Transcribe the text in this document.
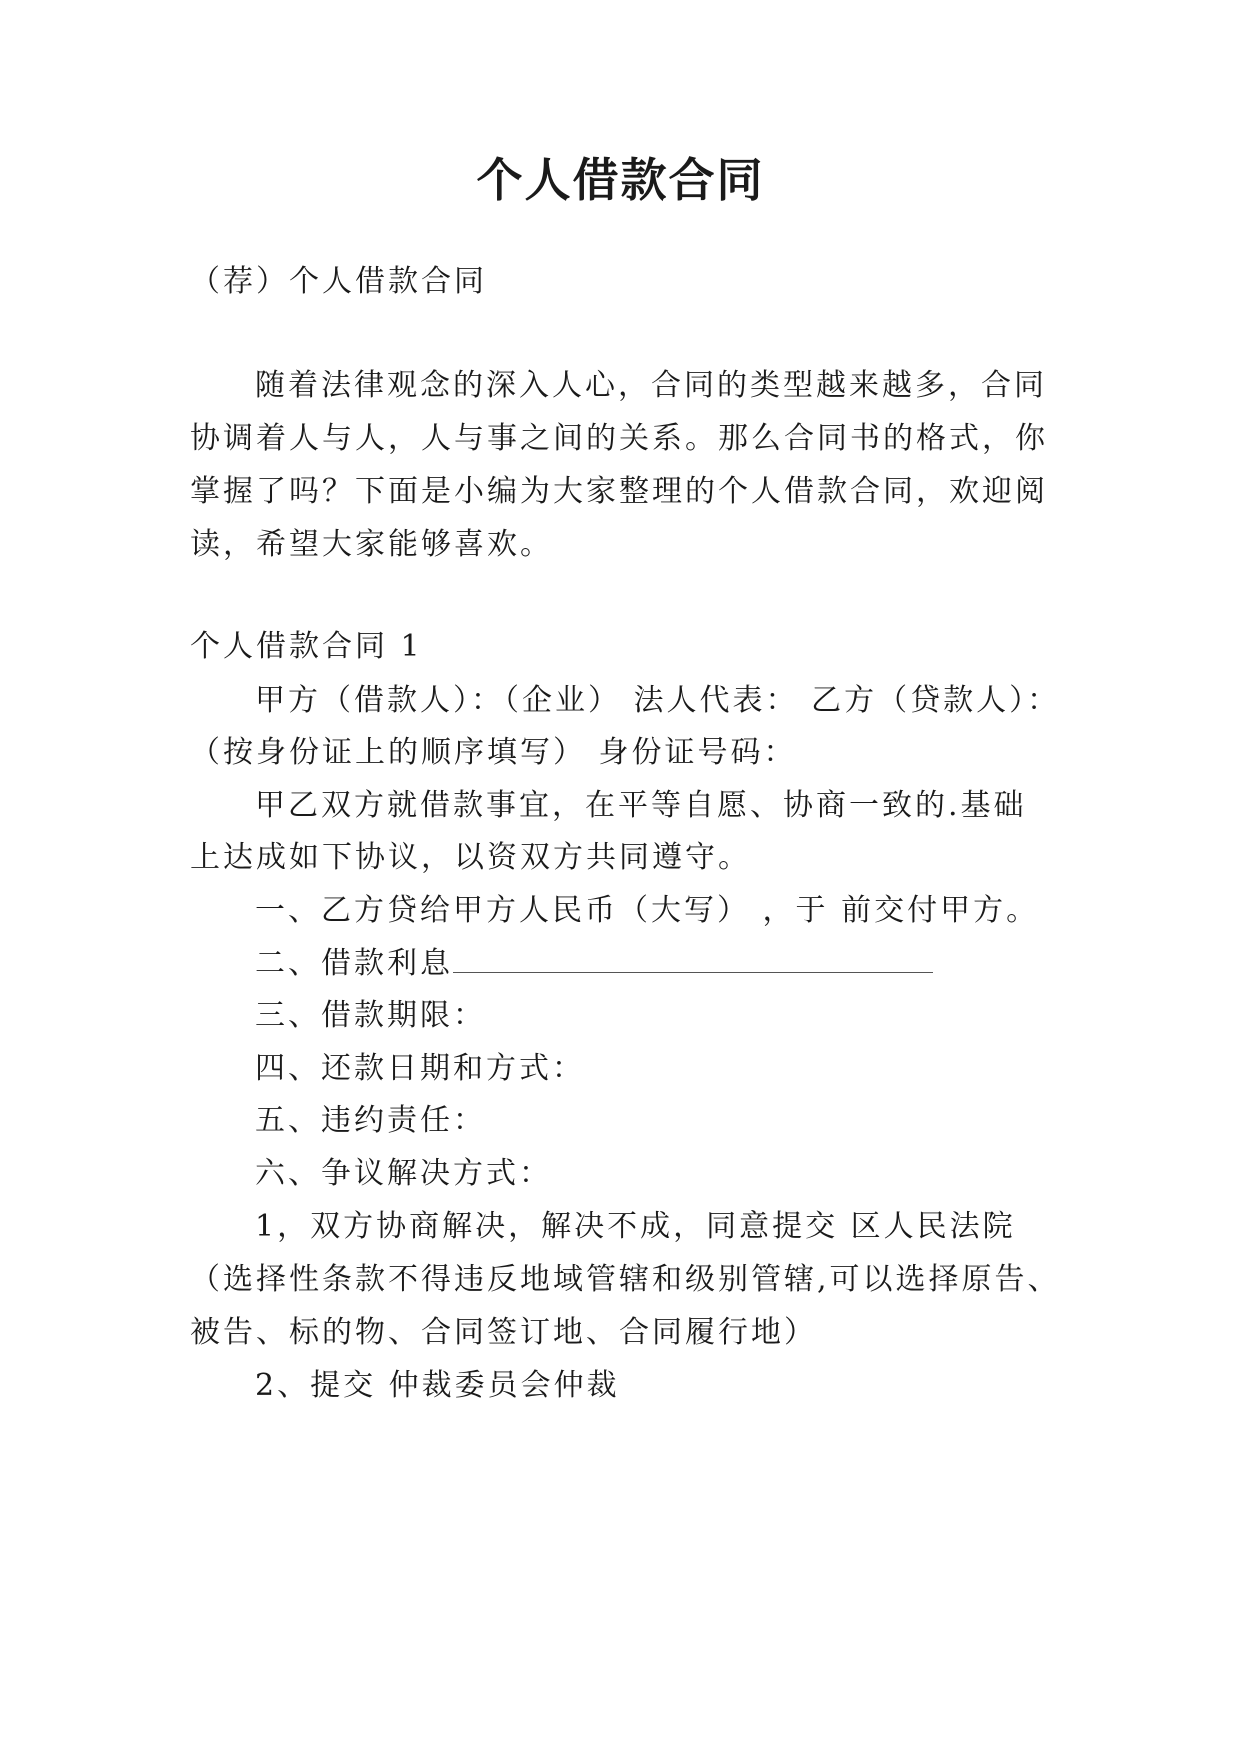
个人借款合同
（荐）个人借款合同
随着法律观念的深入人心，合同的类型越来越多，合同
协调着人与人，人与事之间的关系。那么合同书的格式，你
掌握了吗？下面是小编为大家整理的个人借款合同，欢迎阅
读，希望大家能够喜欢。
个人借款合同 1
甲方（借款人）：（企业） 法人代表： 乙方（贷款人）：
（按身份证上的顺序填写） 身份证号码：
甲乙双方就借款事宜，在平等自愿、协商一致的.基础
上达成如下协议，以资双方共同遵守。
一、乙方贷给甲方人民币（大写） ，于 前交付甲方。
二、借款利息
三、借款期限：
四、还款日期和方式：
五、违约责任：
六、争议解决方式：
1，双方协商解决，解决不成，同意提交 区人民法院
（选择性条款不得违反地域管辖和级别管辖,可以选择原告、
被告、标的物、合同签订地、合同履行地）
2、提交 仲裁委员会仲裁
